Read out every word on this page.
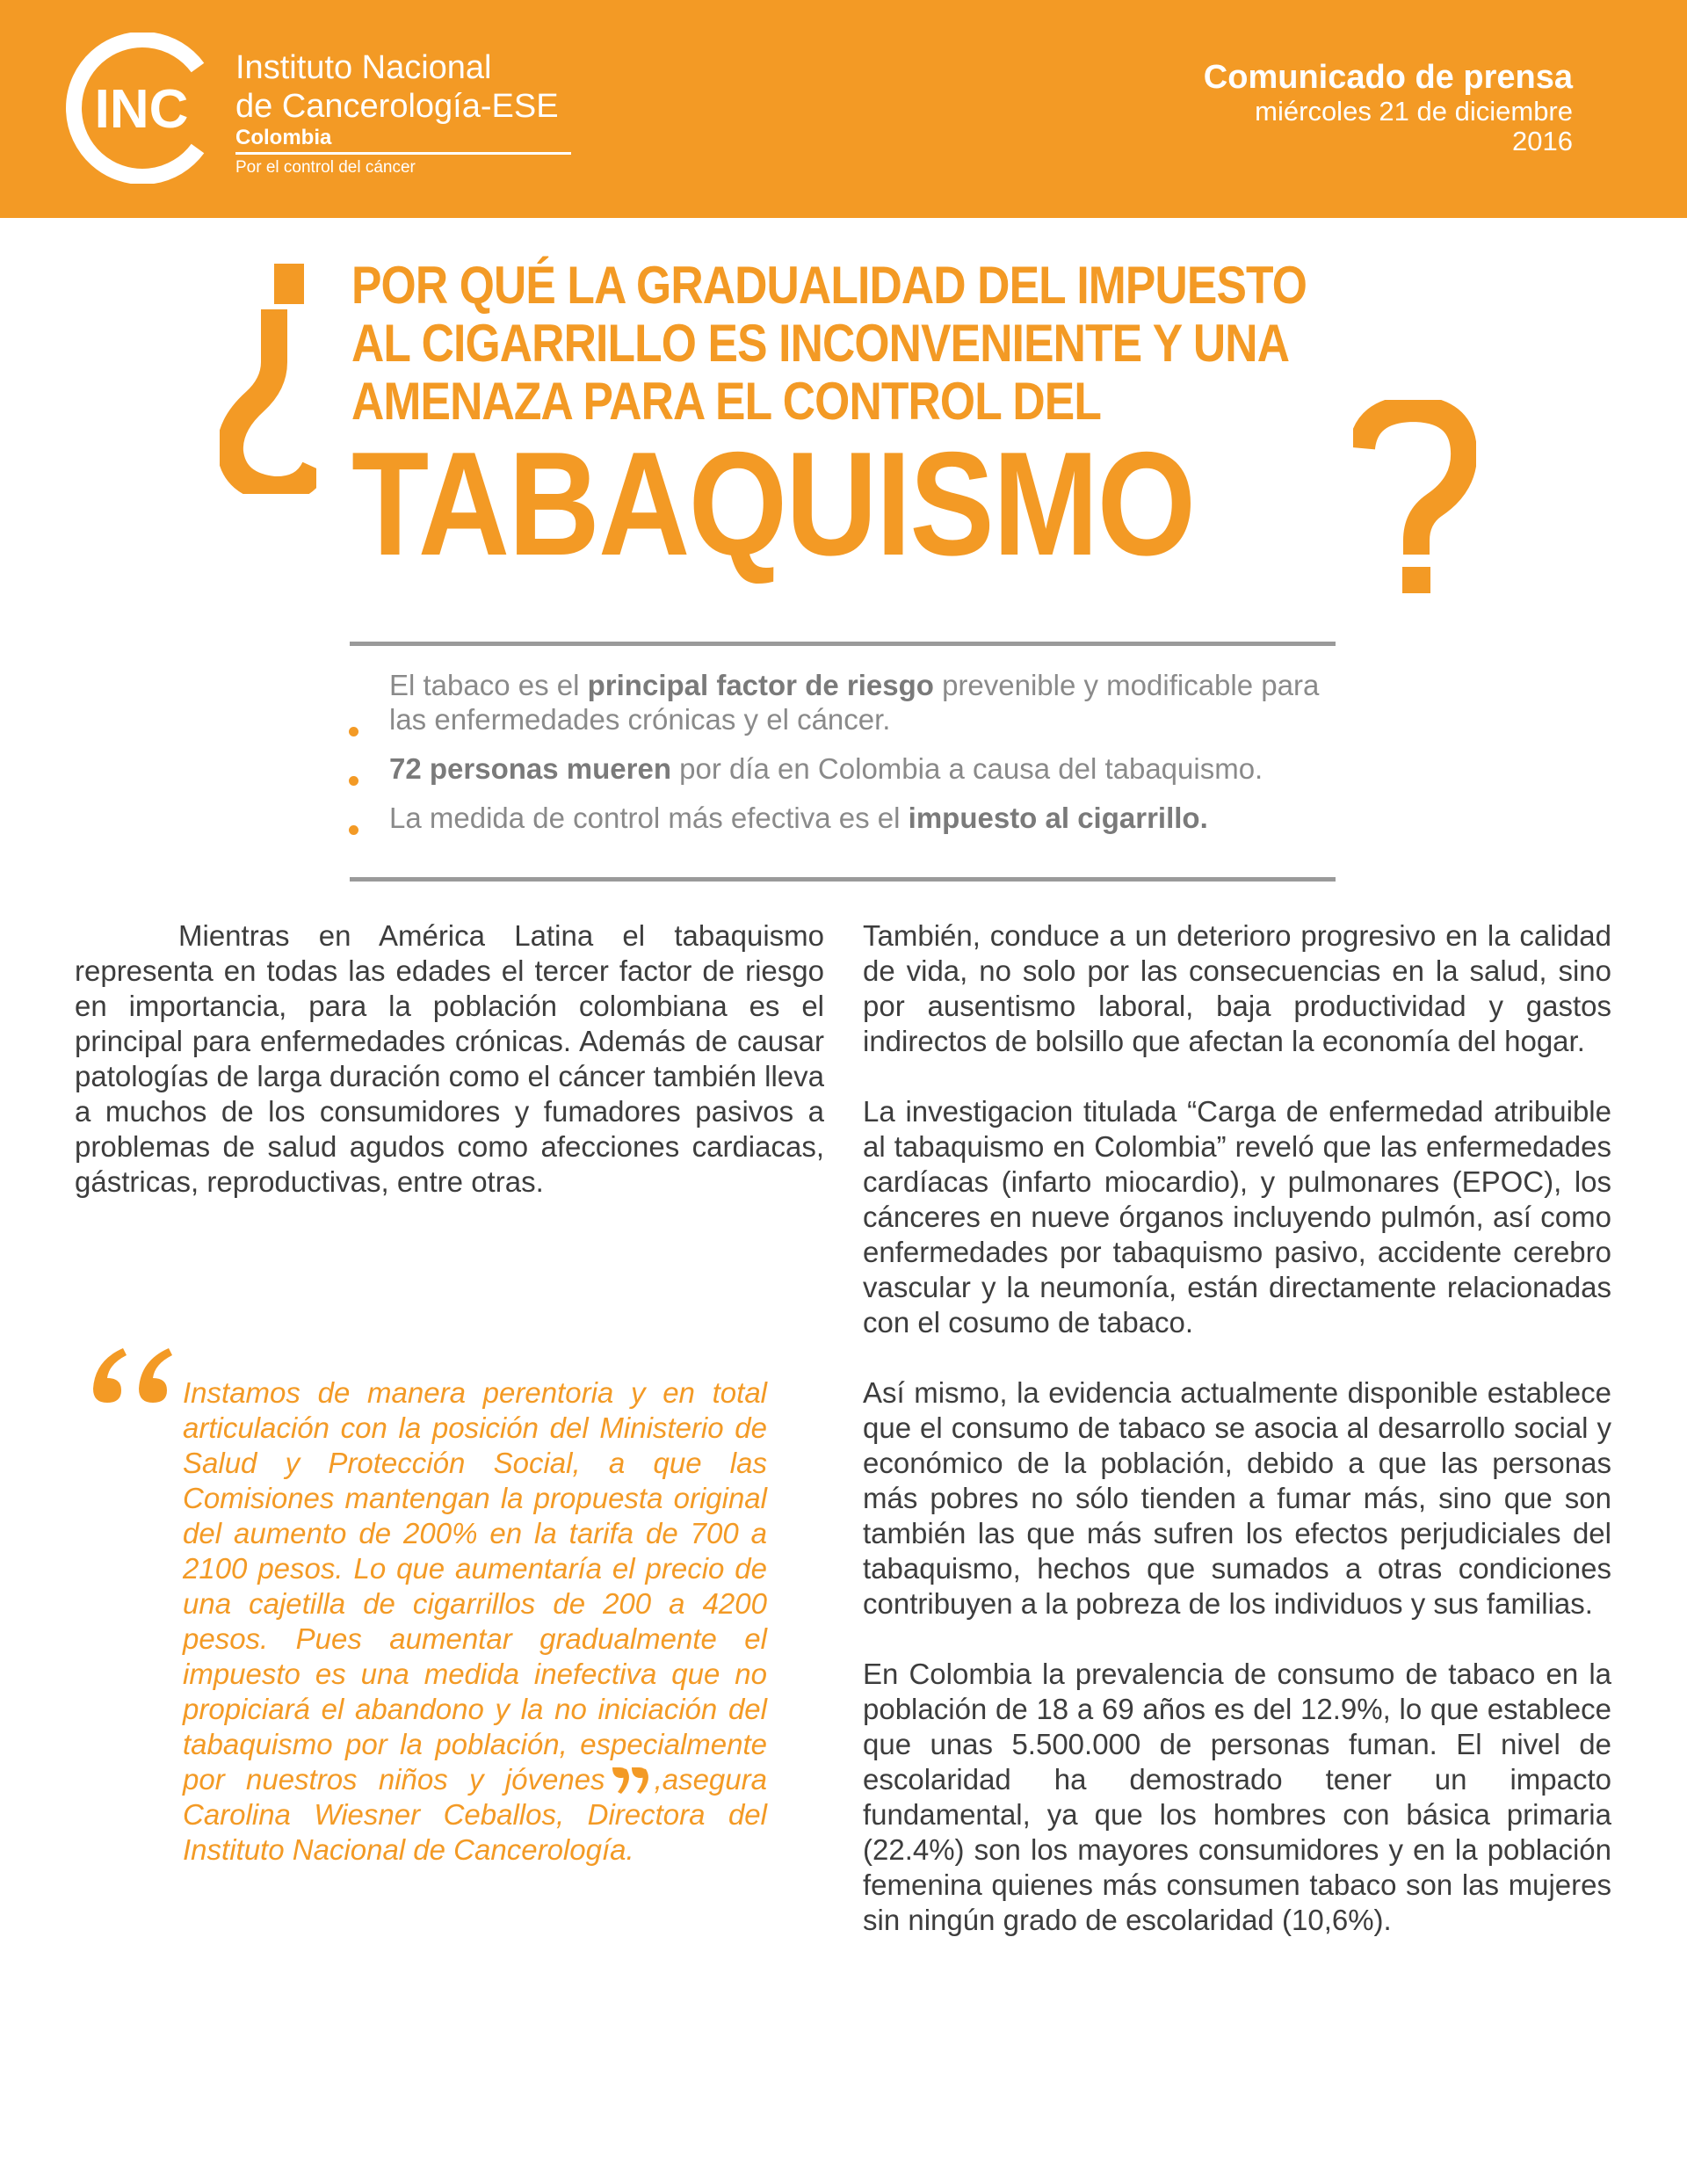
INC
Instituto Nacional
de Cancerología-ESE
Colombia
Por el control del cáncer
Comunicado de prensa
miércoles 21 de diciembre
2016
POR QUÉ LA GRADUALIDAD DEL IMPUESTO
AL CIGARRILLO ES INCONVENIENTE Y UNA
AMENAZA PARA EL CONTROL DEL
TABAQUISMO
El tabaco es el principal factor de riesgo prevenible y modificable para las enfermedades crónicas y el cáncer.
72 personas mueren por día en Colombia a causa del tabaquismo.
La medida de control más efectiva es el impuesto al cigarrillo.

Mientras en América Latina el tabaquismo representa en todas las edades el tercer factor de riesgo en importancia, para la población colombiana es el principal para enfermedades crónicas. Además de causar patologías de larga duración como el cáncer también lleva a muchos de los consumidores y fumadores pasivos a problemas de salud agudos como afecciones cardiacas, gástricas, reproductivas, entre otras.

Instamos de manera perentoria y en total articulación con la posición del Ministerio de Salud y Protección Social, a que las Comisiones mantengan la propuesta original del aumento de 200% en la tarifa de 700 a 2100 pesos. Lo que aumentaría el precio de una cajetilla de cigarrillos de 200 a 4200 pesos. Pues aumentar gradualmente el impuesto es una medida inefectiva que no propiciará el abandono y la no iniciación del tabaquismo por la población, especialmente por nuestros niños y jóvenes ,asegura Carolina Wiesner Ceballos, Directora del Instituto Nacional de Cancerología.

También, conduce a un deterioro progresivo en la calidad de vida, no solo por las consecuencias en la salud, sino por ausentismo laboral, baja productividad y gastos indirectos de bolsillo que afectan la economía del hogar.

La investigacion titulada “Carga de enfermedad atribuible al tabaquismo en Colombia” reveló que las enfermedades cardíacas (infarto miocardio), y pulmonares (EPOC), los cánceres en nueve órganos incluyendo pulmón, así como enfermedades por tabaquismo pasivo, accidente cerebro vascular y la neumonía, están directamente relacionadas con el cosumo de tabaco.

Así mismo, la evidencia actualmente disponible establece que el consumo de tabaco se asocia al desarrollo social y económico de la población, debido a que las personas más pobres no sólo tienden a fumar más, sino que son también las que más sufren los efectos perjudiciales del tabaquismo, hechos que sumados a otras condiciones contribuyen a la pobreza de los individuos y sus familias.

En Colombia la prevalencia de consumo de tabaco en la población de 18 a 69 años es del 12.9%, lo que establece que unas 5.500.000 de personas fuman. El nivel de escolaridad ha demostrado tener un impacto fundamental, ya que los hombres con básica primaria (22.4%) son los mayores consumidores y en la población femenina quienes más consumen tabaco son las mujeres sin ningún grado de escolaridad (10,6%).
